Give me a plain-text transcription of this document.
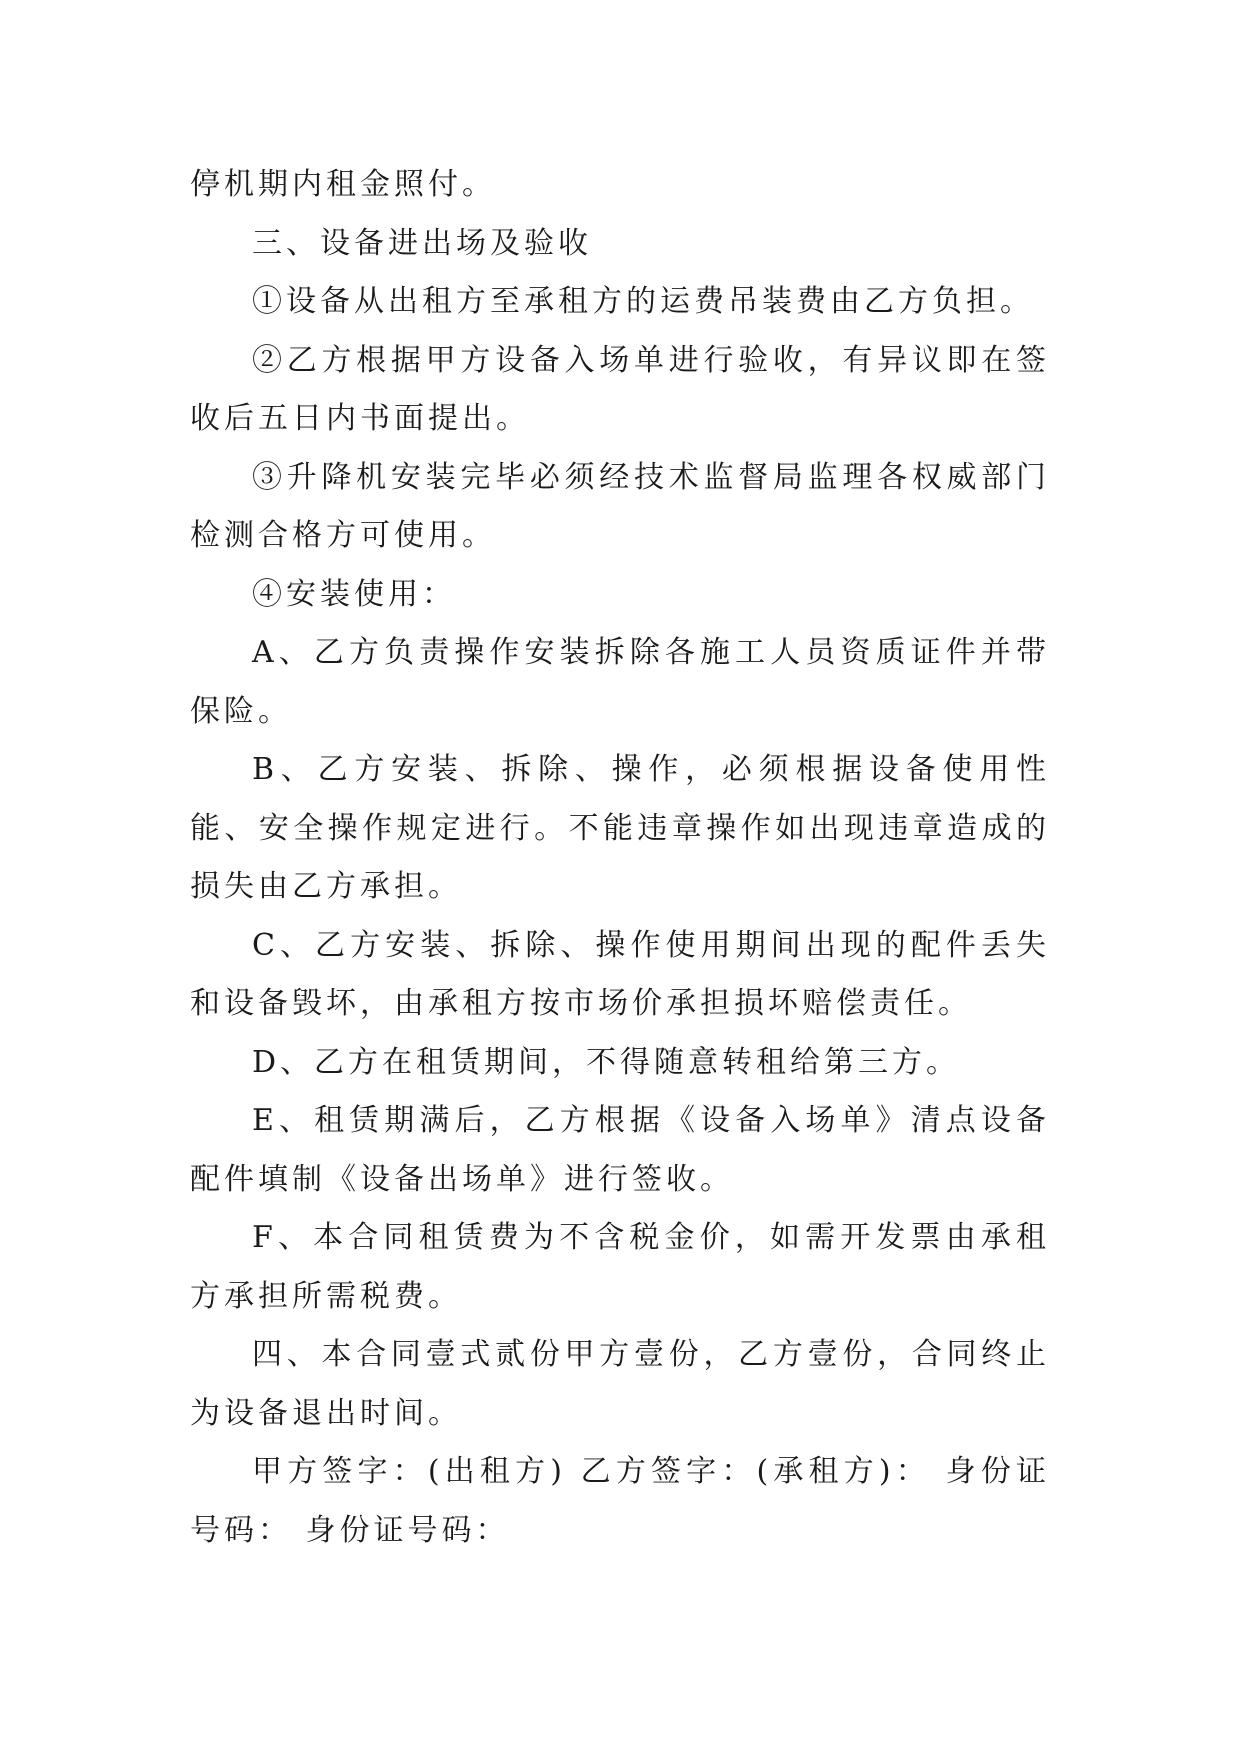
停机期内租金照付。

三、设备进出场及验收

①设备从出租方至承租方的运费吊装费由乙方负担。

②乙方根据甲方设备入场单进行验收，有异议即在签收后五日内书面提出。

③升降机安装完毕必须经技术监督局监理各权威部门检测合格方可使用。

④安装使用：

A、乙方负责操作安装拆除各施工人员资质证件并带保险。

B、乙方安装、拆除、操作，必须根据设备使用性能、安全操作规定进行。不能违章操作如出现违章造成的损失由乙方承担。

C、乙方安装、拆除、操作使用期间出现的配件丢失和设备毁坏，由承租方按市场价承担损坏赔偿责任。

D、乙方在租赁期间，不得随意转租给第三方。

E、租赁期满后，乙方根据《设备入场单》清点设备配件填制《设备出场单》进行签收。

F、本合同租赁费为不含税金价，如需开发票由承租方承担所需税费。

四、本合同壹式贰份甲方壹份，乙方壹份，合同终止为设备退出时间。

甲方签字：(出租方) 乙方签字：(承租方)： 身份证号码： 身份证号码：
